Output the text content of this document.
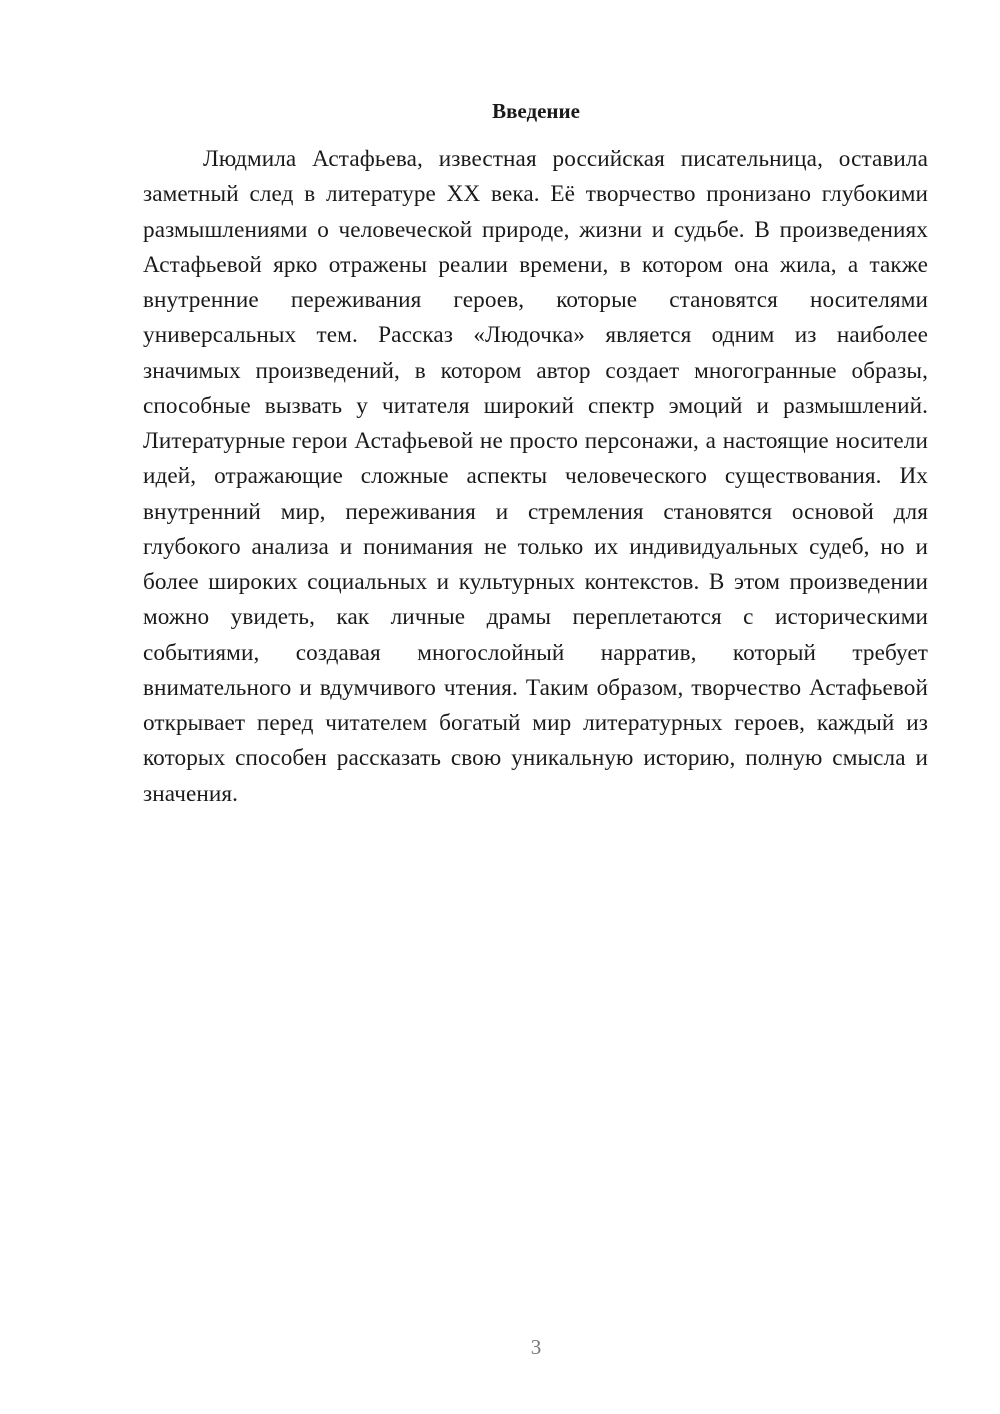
Введение

Людмила Астафьева, известная российская писательница, оставила заметный след в литературе XX века. Её творчество пронизано глубокими размышлениями о человеческой природе, жизни и судьбе. В произведениях Астафьевой ярко отражены реалии времени, в котором она жила, а также внутренние переживания героев, которые становятся носителями универсальных тем. Рассказ «Людочка» является одним из наиболее значимых произведений, в котором автор создает многогранные образы, способные вызвать у читателя широкий спектр эмоций и размышлений. Литературные герои Астафьевой не просто персонажи, а настоящие носители идей, отражающие сложные аспекты человеческого существования. Их внутренний мир, переживания и стремления становятся основой для глубокого анализа и понимания не только их индивидуальных судеб, но и более широких социальных и культурных контекстов. В этом произведении можно увидеть, как личные драмы переплетаются с историческими событиями, создавая многослойный нарратив, который требует внимательного и вдумчивого чтения. Таким образом, творчество Астафьевой открывает перед читателем богатый мир литературных героев, каждый из которых способен рассказать свою уникальную историю, полную смысла и значения.

3
